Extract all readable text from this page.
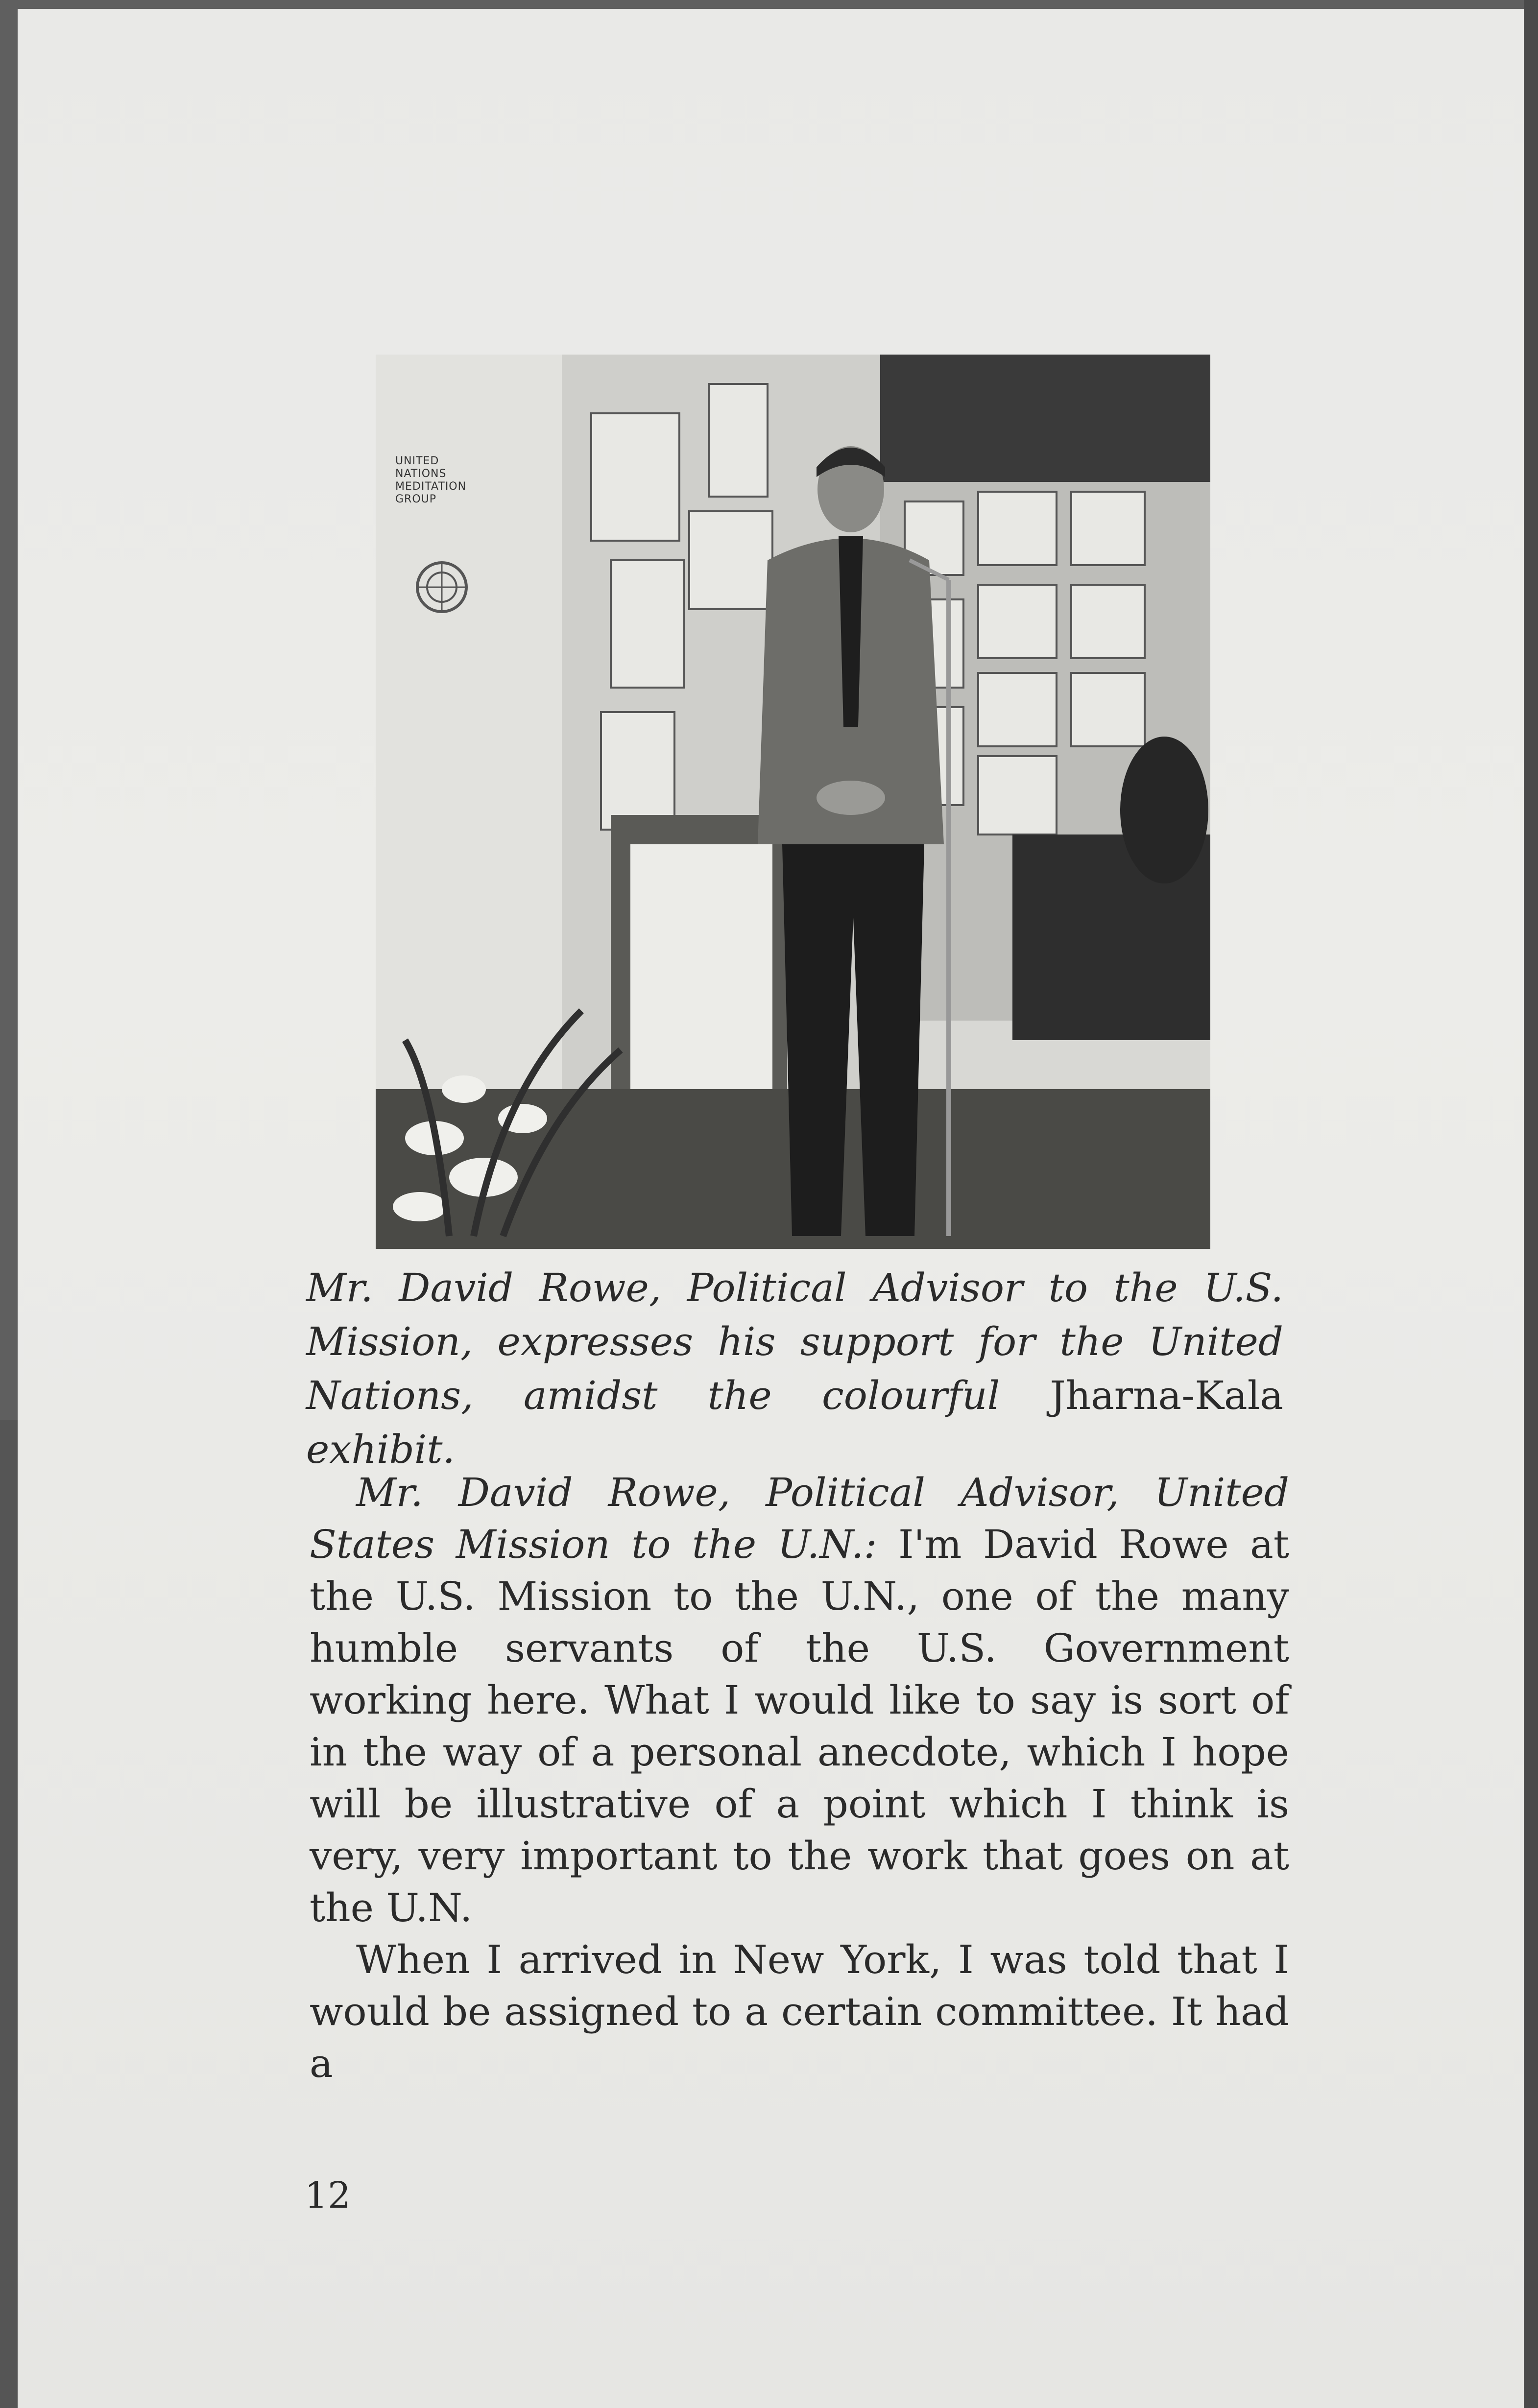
UNITED
NATIONS
MEDITATION
GROUP
Mr. David Rowe, Political Advisor to the U.S. Mission, expresses his support for the United Nations, amidst the colourful Jharna-Kala exhibit.

Mr. David Rowe, Political Advisor, United States Mission to the U.N.: I'm David Rowe at the U.S. Mission to the U.N., one of the many humble servants of the U.S. Government working here. What I would like to say is sort of in the way of a personal anecdote, which I hope will be illustrative of a point which I think is very, very important to the work that goes on at the U.N.

When I arrived in New York, I was told that I would be assigned to a certain committee. It had a

12
